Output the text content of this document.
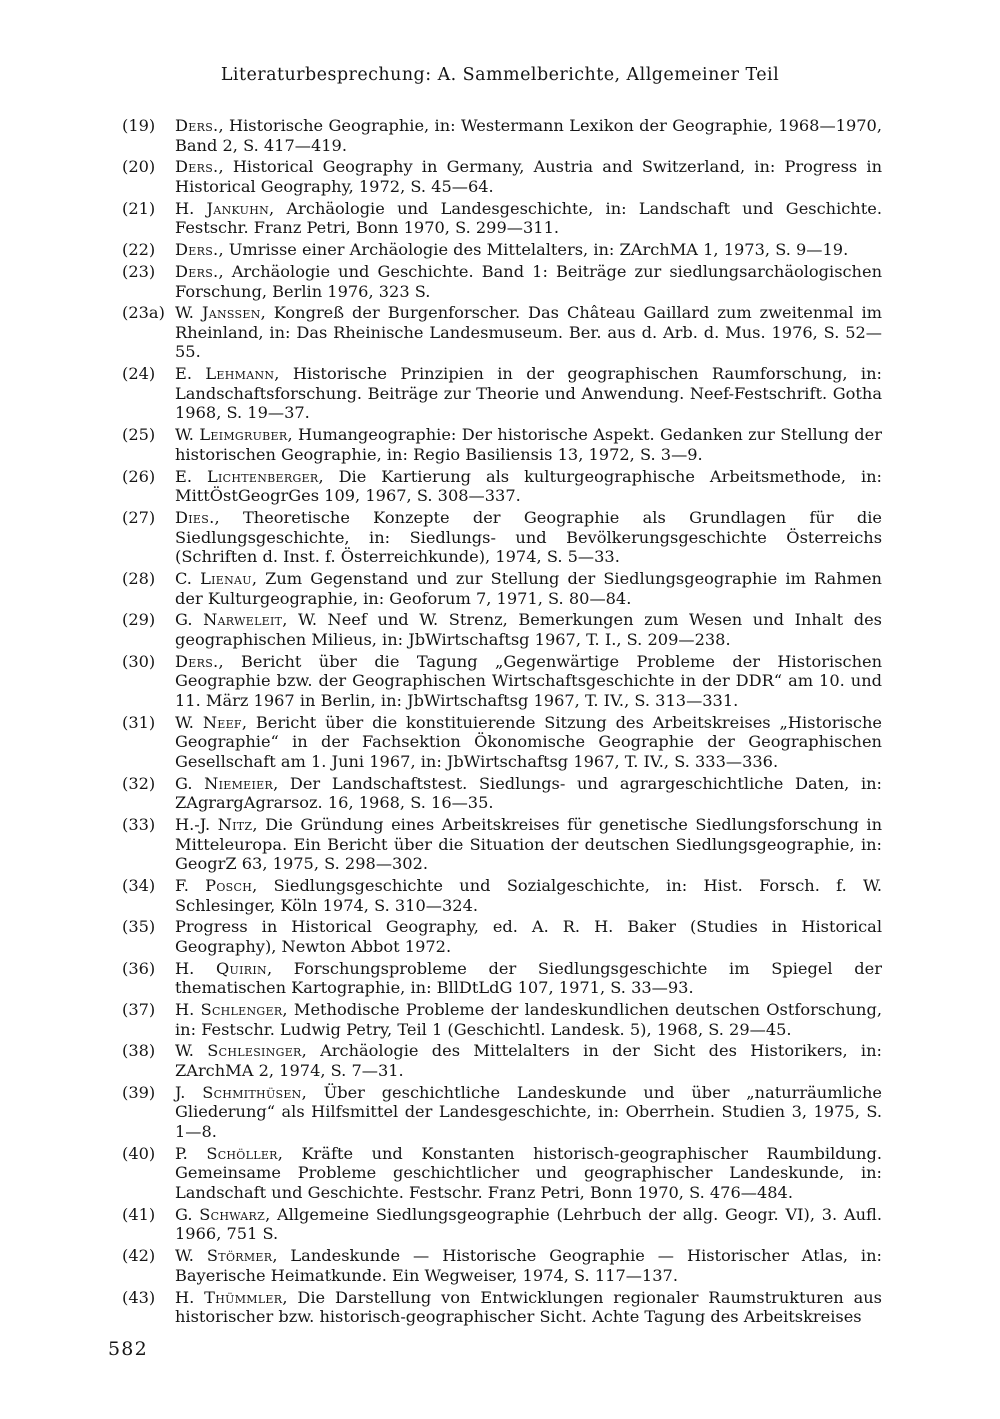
Literaturbesprechung: A. Sammelberichte, Allgemeiner Teil
(19) Ders., Historische Geographie, in: Westermann Lexikon der Geographie, 1968—1970, Band 2, S. 417—419.
(20) Ders., Historical Geography in Germany, Austria and Switzerland, in: Progress in Historical Geography, 1972, S. 45—64.
(21) H. Jankuhn, Archäologie und Landesgeschichte, in: Landschaft und Geschichte. Festschr. Franz Petri, Bonn 1970, S. 299—311.
(22) Ders., Umrisse einer Archäologie des Mittelalters, in: ZArchMA 1, 1973, S. 9—19.
(23) Ders., Archäologie und Geschichte. Band 1: Beiträge zur siedlungsarchäologischen Forschung, Berlin 1976, 323 S.
(23a) W. Janssen, Kongreß der Burgenforscher. Das Château Gaillard zum zweitenmal im Rheinland, in: Das Rheinische Landesmuseum. Ber. aus d. Arb. d. Mus. 1976, S. 52—55.
(24) E. Lehmann, Historische Prinzipien in der geographischen Raumforschung, in: Landschaftsforschung. Beiträge zur Theorie und Anwendung. Neef-Festschrift. Gotha 1968, S. 19—37.
(25) W. Leimgruber, Humangeographie: Der historische Aspekt. Gedanken zur Stellung der historischen Geographie, in: Regio Basiliensis 13, 1972, S. 3—9.
(26) E. Lichtenberger, Die Kartierung als kulturgeographische Arbeitsmethode, in: MittÖstGeogrGes 109, 1967, S. 308—337.
(27) Dies., Theoretische Konzepte der Geographie als Grundlagen für die Siedlungsgeschichte, in: Siedlungs- und Bevölkerungsgeschichte Österreichs (Schriften d. Inst. f. Österreichkunde), 1974, S. 5—33.
(28) C. Lienau, Zum Gegenstand und zur Stellung der Siedlungsgeographie im Rahmen der Kulturgeographie, in: Geoforum 7, 1971, S. 80—84.
(29) G. Narweleit, W. Neef und W. Strenz, Bemerkungen zum Wesen und Inhalt des geographischen Milieus, in: JbWirtschaftsg 1967, T. I., S. 209—238.
(30) Ders., Bericht über die Tagung „Gegenwärtige Probleme der Historischen Geographie bzw. der Geographischen Wirtschaftsgeschichte in der DDR“ am 10. und 11. März 1967 in Berlin, in: JbWirtschaftsg 1967, T. IV., S. 313—331.
(31) W. Neef, Bericht über die konstituierende Sitzung des Arbeitskreises „Historische Geographie“ in der Fachsektion Ökonomische Geographie der Geographischen Gesellschaft am 1. Juni 1967, in: JbWirtschaftsg 1967, T. IV., S. 333—336.
(32) G. Niemeier, Der Landschaftstest. Siedlungs- und agrargeschichtliche Daten, in: ZAgrargAgrarsoz. 16, 1968, S. 16—35.
(33) H.-J. Nitz, Die Gründung eines Arbeitskreises für genetische Siedlungsforschung in Mitteleuropa. Ein Bericht über die Situation der deutschen Siedlungsgeographie, in: GeogrZ 63, 1975, S. 298—302.
(34) F. Posch, Siedlungsgeschichte und Sozialgeschichte, in: Hist. Forsch. f. W. Schlesinger, Köln 1974, S. 310—324.
(35) Progress in Historical Geography, ed. A. R. H. Baker (Studies in Historical Geography), Newton Abbot 1972.
(36) H. Quirin, Forschungsprobleme der Siedlungsgeschichte im Spiegel der thematischen Kartographie, in: BllDtLdG 107, 1971, S. 33—93.
(37) H. Schlenger, Methodische Probleme der landeskundlichen deutschen Ostforschung, in: Festschr. Ludwig Petry, Teil 1 (Geschichtl. Landesk. 5), 1968, S. 29—45.
(38) W. Schlesinger, Archäologie des Mittelalters in der Sicht des Historikers, in: ZArchMA 2, 1974, S. 7—31.
(39) J. Schmithüsen, Über geschichtliche Landeskunde und über „naturräumliche Gliederung“ als Hilfsmittel der Landesgeschichte, in: Oberrhein. Studien 3, 1975, S. 1—8.
(40) P. Schöller, Kräfte und Konstanten historisch-geographischer Raumbildung. Gemeinsame Probleme geschichtlicher und geographischer Landeskunde, in: Landschaft und Geschichte. Festschr. Franz Petri, Bonn 1970, S. 476—484.
(41) G. Schwarz, Allgemeine Siedlungsgeographie (Lehrbuch der allg. Geogr. VI), 3. Aufl. 1966, 751 S.
(42) W. Störmer, Landeskunde — Historische Geographie — Historischer Atlas, in: Bayerische Heimatkunde. Ein Wegweiser, 1974, S. 117—137.
(43) H. Thümmler, Die Darstellung von Entwicklungen regionaler Raumstrukturen aus historischer bzw. historisch-geographischer Sicht. Achte Tagung des Arbeitskreises
582
